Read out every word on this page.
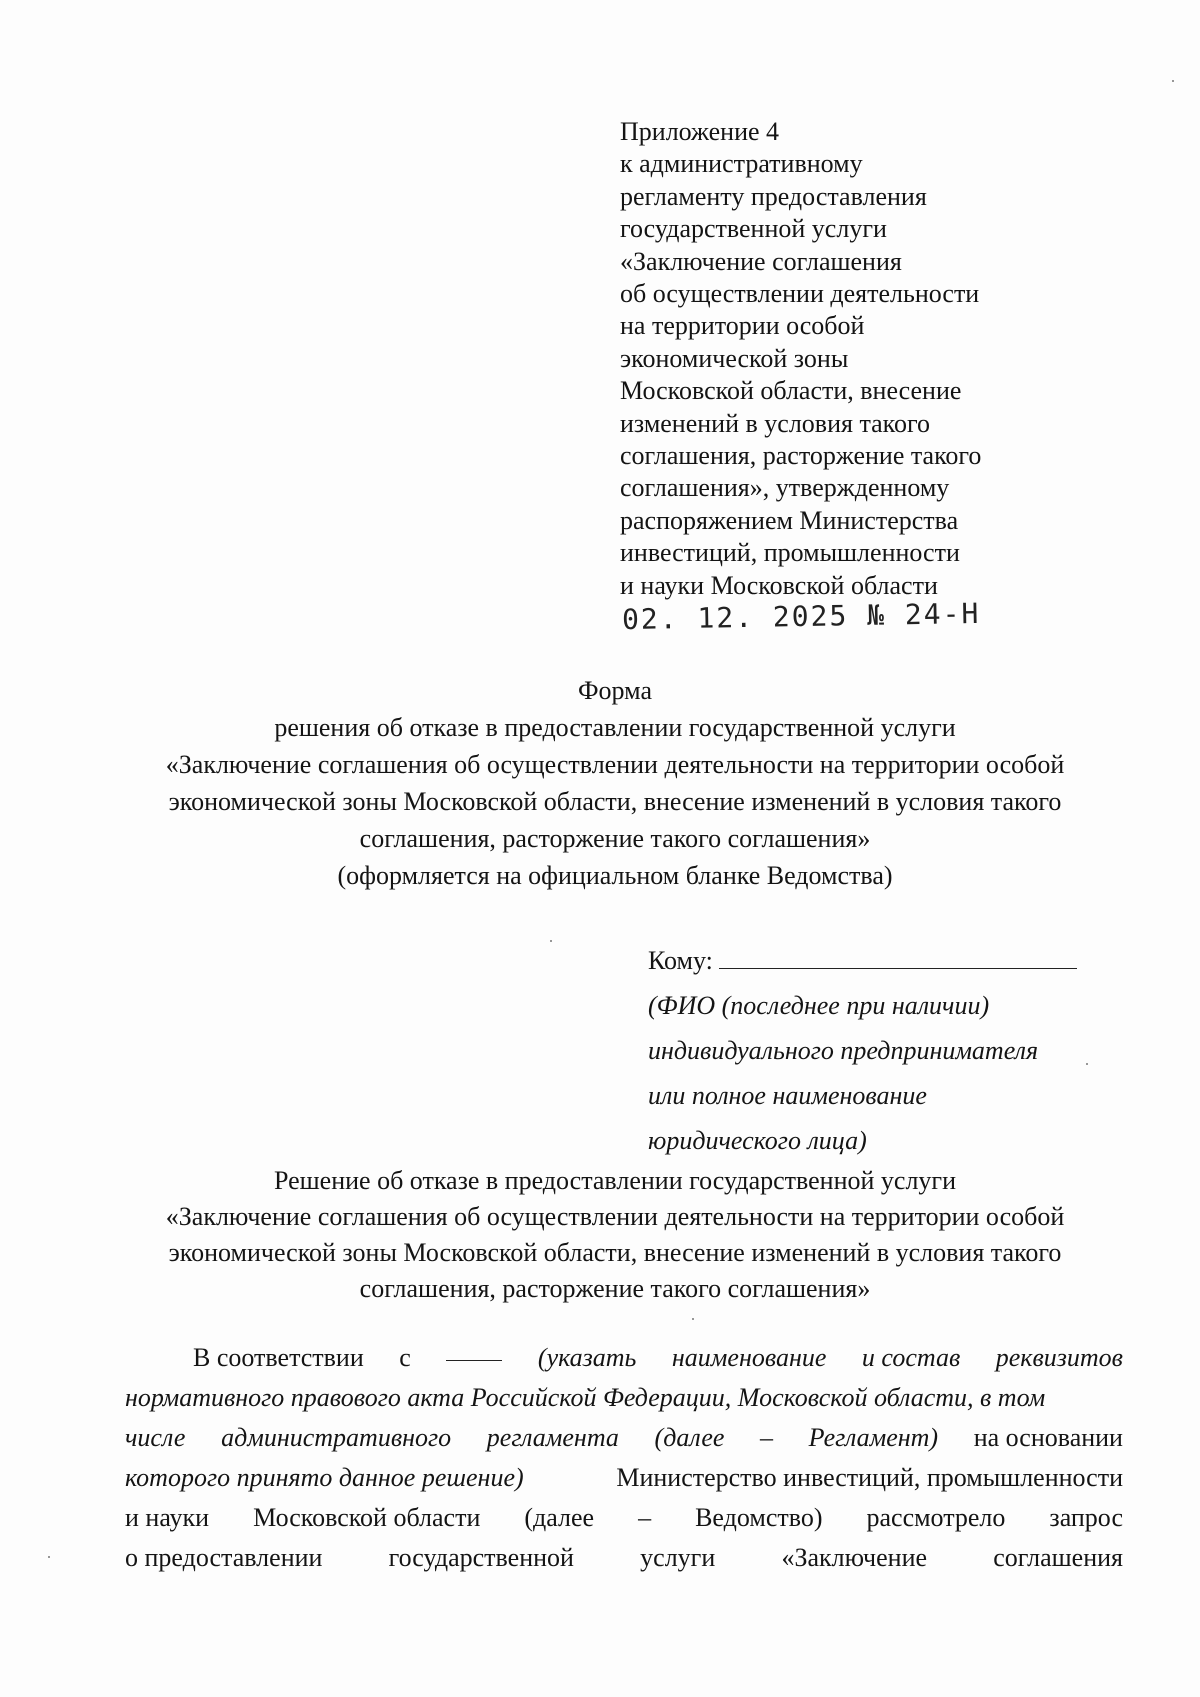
Приложение 4
к административному
регламенту предоставления
государственной услуги
«Заключение соглашения
об осуществлении деятельности
на территории особой
экономической зоны
Московской области, внесение
изменений в условия такого
соглашения, расторжение такого
соглашения», утвержденному
распоряжением Министерства
инвестиций, промышленности
и науки Московской области
02. 12. 2025 № 24-Н
Форма
решения об отказе в предоставлении государственной услуги
«Заключение соглашения об осуществлении деятельности на территории особой
экономической зоны Московской области, внесение изменений в условия такого
соглашения, расторжение такого соглашения»
(оформляется на официальном бланке Ведомства)
Кому:
(ФИО (последнее при наличии)
индивидуального предпринимателя
или полное наименование
юридического лица)
Решение об отказе в предоставлении государственной услуги
«Заключение соглашения об осуществлении деятельности на территории особой
экономической зоны Московской области, внесение изменений в условия такого
соглашения, расторжение такого соглашения»
В соответствии с	(указать наименование и состав реквизитов
нормативного правового акта Российской Федерации, Московской области, в том
числе административного регламента (далее – Регламент) на основании
которого принято данное решение)	Министерство инвестиций, промышленности
и науки Московской области (далее – Ведомство) рассмотрело запрос
о предоставлении	государственной	услуги	«Заключение	соглашения
